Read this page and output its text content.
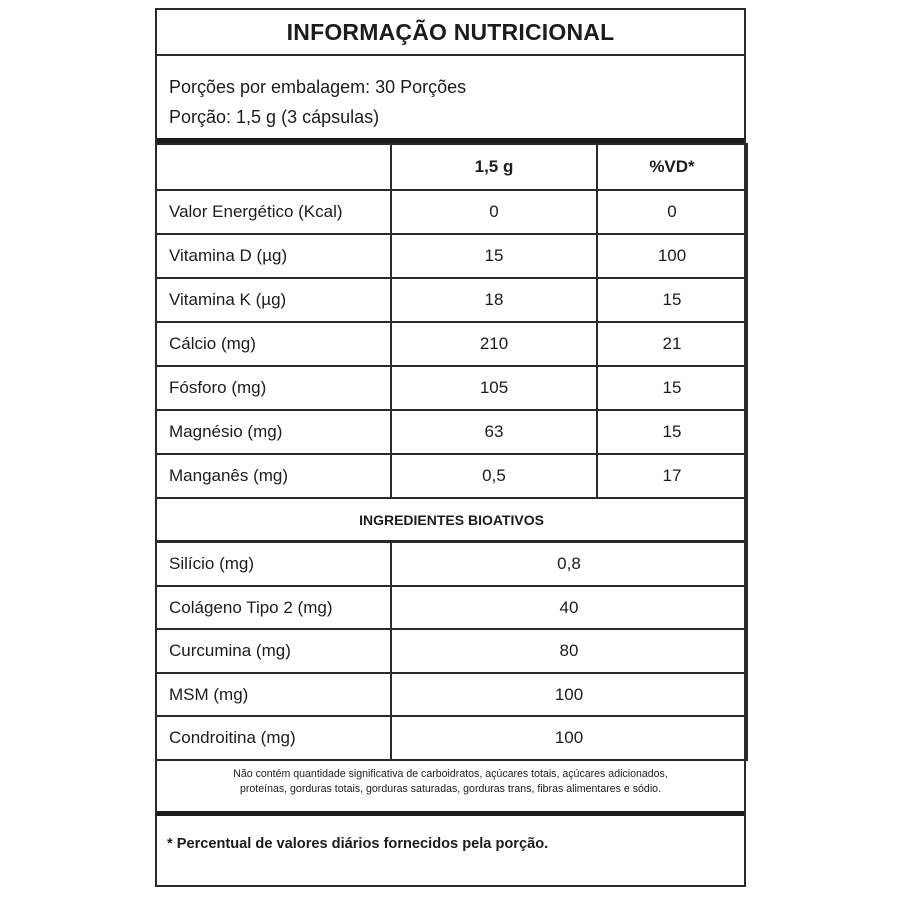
INFORMAÇÃO NUTRICIONAL
Porções por embalagem: 30 Porções
Porção: 1,5 g (3 cápsulas)
	1,5 g	%VD*
Valor Energético (Kcal)	0	0
Vitamina D (µg)	15	100
Vitamina K (µg)	18	15
Cálcio (mg)	210	21
Fósforo (mg)	105	15
Magnésio (mg)	63	15
Manganês (mg)	0,5	17
INGREDIENTES BIOATIVOS		
Silício (mg)	0,8
Colágeno Tipo 2 (mg)	40
Curcumina (mg)	80
MSM (mg)	100
Condroitina (mg)	100
Não contém quantidade significativa de carboidratos, açúcares totais, açúcares adicionados,
proteínas, gorduras totais, gorduras saturadas, gorduras trans, fibras alimentares e sódio.
* Percentual de valores diários fornecidos pela porção.
